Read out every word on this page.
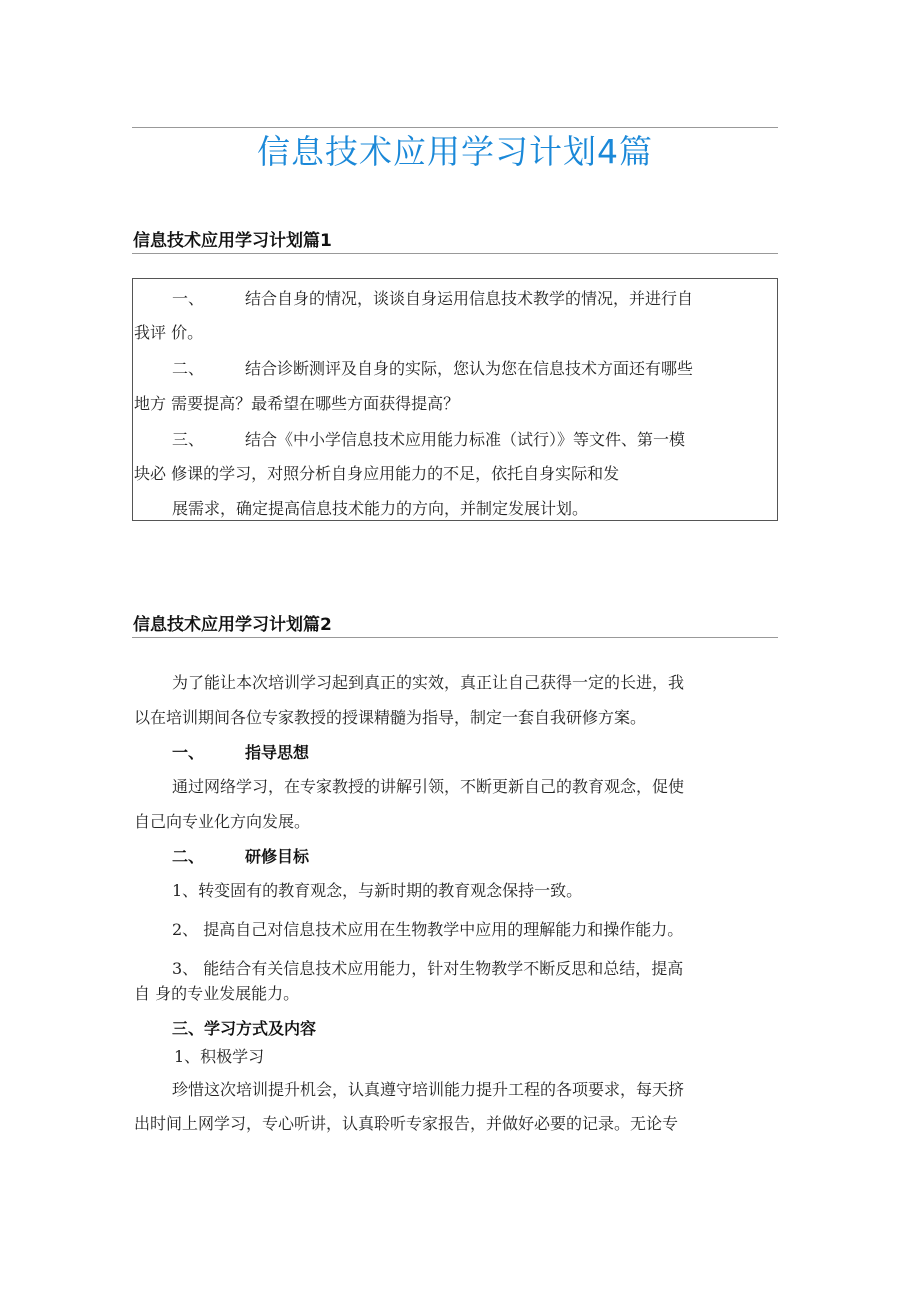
信息技术应用学习计划4篇
信息技术应用学习计划篇1
一、	结合自身的情况，谈谈自身运用信息技术教学的情况，并进行自
我评 价。
二、	结合诊断测评及自身的实际，您认为您在信息技术方面还有哪些
地方 需要提高？最希望在哪些方面获得提高？
三、	结合《中小学信息技术应用能力标准（试行）》等文件、第一模
块必 修课的学习，对照分析自身应用能力的不足，依托自身实际和发
展需求，确定提高信息技术能力的方向，并制定发展计划。
信息技术应用学习计划篇2
为了能让本次培训学习起到真正的实效，真正让自己获得一定的长进，我
以在培训期间各位专家教授的授课精髓为指导，制定一套自我研修方案。
一、	指导思想
通过网络学习，在专家教授的讲解引领，不断更新自己的教育观念，促使
自己向专业化方向发展。
二、	研修目标
1、转变固有的教育观念，与新时期的教育观念保持一致。
2、 提高自己对信息技术应用在生物教学中应用的理解能力和操作能力。
3、 能结合有关信息技术应用能力，针对生物教学不断反思和总结，提高
自 身的专业发展能力。
三、学习方式及内容
1、积极学习
珍惜这次培训提升机会，认真遵守培训能力提升工程的各项要求，每天挤
出时间上网学习，专心听讲，认真聆听专家报告，并做好必要的记录。无论专
